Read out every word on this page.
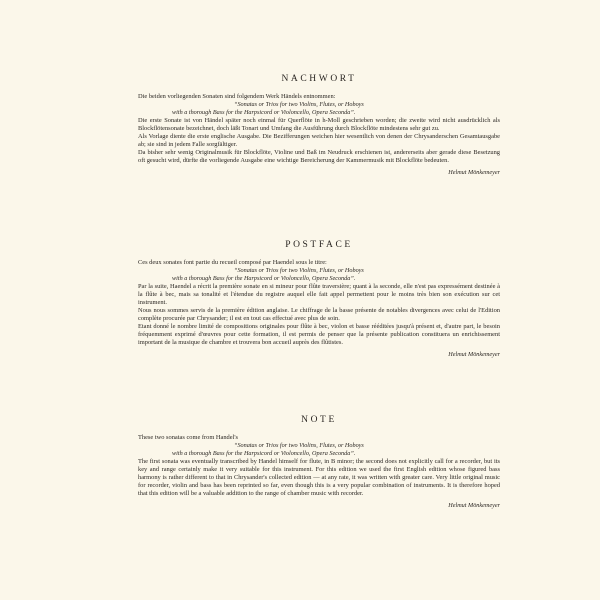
NACHWORT

Die beiden vorliegenden Sonaten sind folgendem Werk Händels entnommen:

“Sonatas or Trios for two Violins, Flutes, or Hoboys
with a thorough Bass for the Harpsicord or Violoncello, Opera Seconda”.

Die erste Sonate ist von Händel später noch einmal für Querflöte in h-Moll geschrieben worden; die zweite wird nicht ausdrücklich als Blockflötensonate bezeichnet, doch läßt Tonart und Umfang die Ausführung durch Blockflöte mindestens sehr gut zu.

Als Vorlage diente die erste englische Ausgabe. Die Bezifferungen weichen hier wesentlich von denen der Chrysanderschen Gesamtausgabe ab; sie sind in jedem Falle sorgfältiger.

Da bisher sehr wenig Originalmusik für Blockflöte, Violine und Baß im Neudruck erschienen ist, andererseits aber gerade diese Besetzung oft gesucht wird, dürfte die vorliegende Ausgabe eine wichtige Bereicherung der Kammermusik mit Blockflöte bedeuten.

Helmut Mönkemeyer
POSTFACE

Ces deux sonates font partie du recueil composé par Haendel sous le titre:

“Sonatas or Trios for two Violins, Flutes, or Hoboys
with a thorough Bass for the Harpsicord or Violoncello, Opera Seconda”.

Par la suite, Haendel a récrit la première sonate en si mineur pour flûte traversière; quant à la seconde, elle n'est pas expressément destinée à la flûte à bec, mais sa tonalité et l'étendue du registre auquel elle fait appel permettent pour le moins très bien son exécution sur cet instrument.

Nous nous sommes servis de la première édition anglaise. Le chiffrage de la basse présente de notables divergences avec celui de l'Edition complète procurée par Chrysander; il est en tout cas effectué avec plus de soin.

Etant donné le nombre limité de compositions originales pour flûte à bec, violon et basse rééditées jusqu'à présent et, d'autre part, le besoin fréquemment exprimé d'œuvres pour cette formation, il est permis de penser que la présente publication constituera un enrichissement important de la musique de chambre et trouvera bon accueil auprès des flûtistes.

Helmut Mönkemeyer
NOTE

These two sonatas come from Handel's

“Sonatas or Trios for two Violins, Flutes, or Hoboys
with a thorough Bass for the Harpsicord or Violoncello, Opera Seconda”.

The first sonata was eventually transcribed by Handel himself for flute, in B minor; the second does not explicitly call for a recorder, but its key and range certainly make it very suitable for this instrument. For this edition we used the first English edition whose figured bass harmony is rather different to that in Chrysander's collected edition — at any rate, it was written with greater care. Very little original music for recorder, violin and bass has been reprinted so far, even though this is a very popular combination of instruments. It is therefore hoped that this edition will be a valuable addition to the range of chamber music with recorder.

Helmut Mönkemeyer
